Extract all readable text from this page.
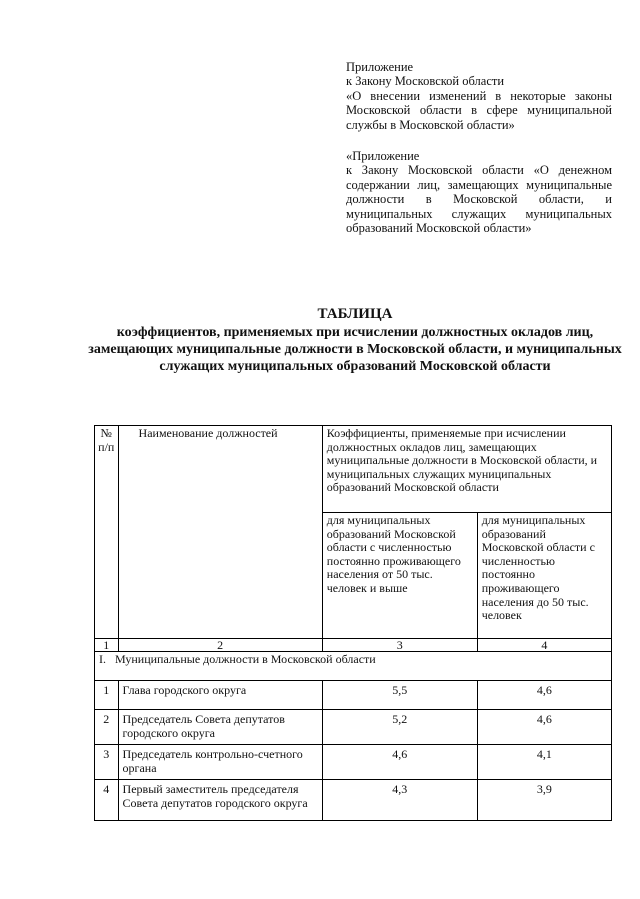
Приложение

к Закону Московской области

«О внесении изменений в некоторые законы Московской области в сфере муниципальной службы в Московской области»

«Приложение

к Закону Московской области «О денежном содержании лиц, замещающих муниципальные должности в Московской области, и муниципальных служащих муниципальных образований Московской области»

ТАБЛИЦА
коэффициентов, применяемых при исчислении должностных окладов лиц, замещающих муниципальные должности в Московской области, и муниципальных служащих муниципальных образований Московской области
№ п/п	Наименование должностей	Коэффициенты, применяемые при исчислении должностных окладов лиц, замещающих муниципальные должности в Московской области, и муниципальных служащих муниципальных образований Московской области	
		для муниципальных образований Московской области с численностью постоянно проживающего населения от 50 тыс. человек и выше	для муниципальных образований Московской области с численностью постоянно проживающего населения до 50 тыс. человек
1	2	3	4
I.   Муниципальные должности в Московской области			
1	Глава городского округа	5,5	4,6
2	Председатель Совета депутатов городского округа	5,2	4,6
3	Председатель контрольно-счетного органа	4,6	4,1
4	Первый заместитель председателя Совета депутатов городского округа	4,3	3,9
